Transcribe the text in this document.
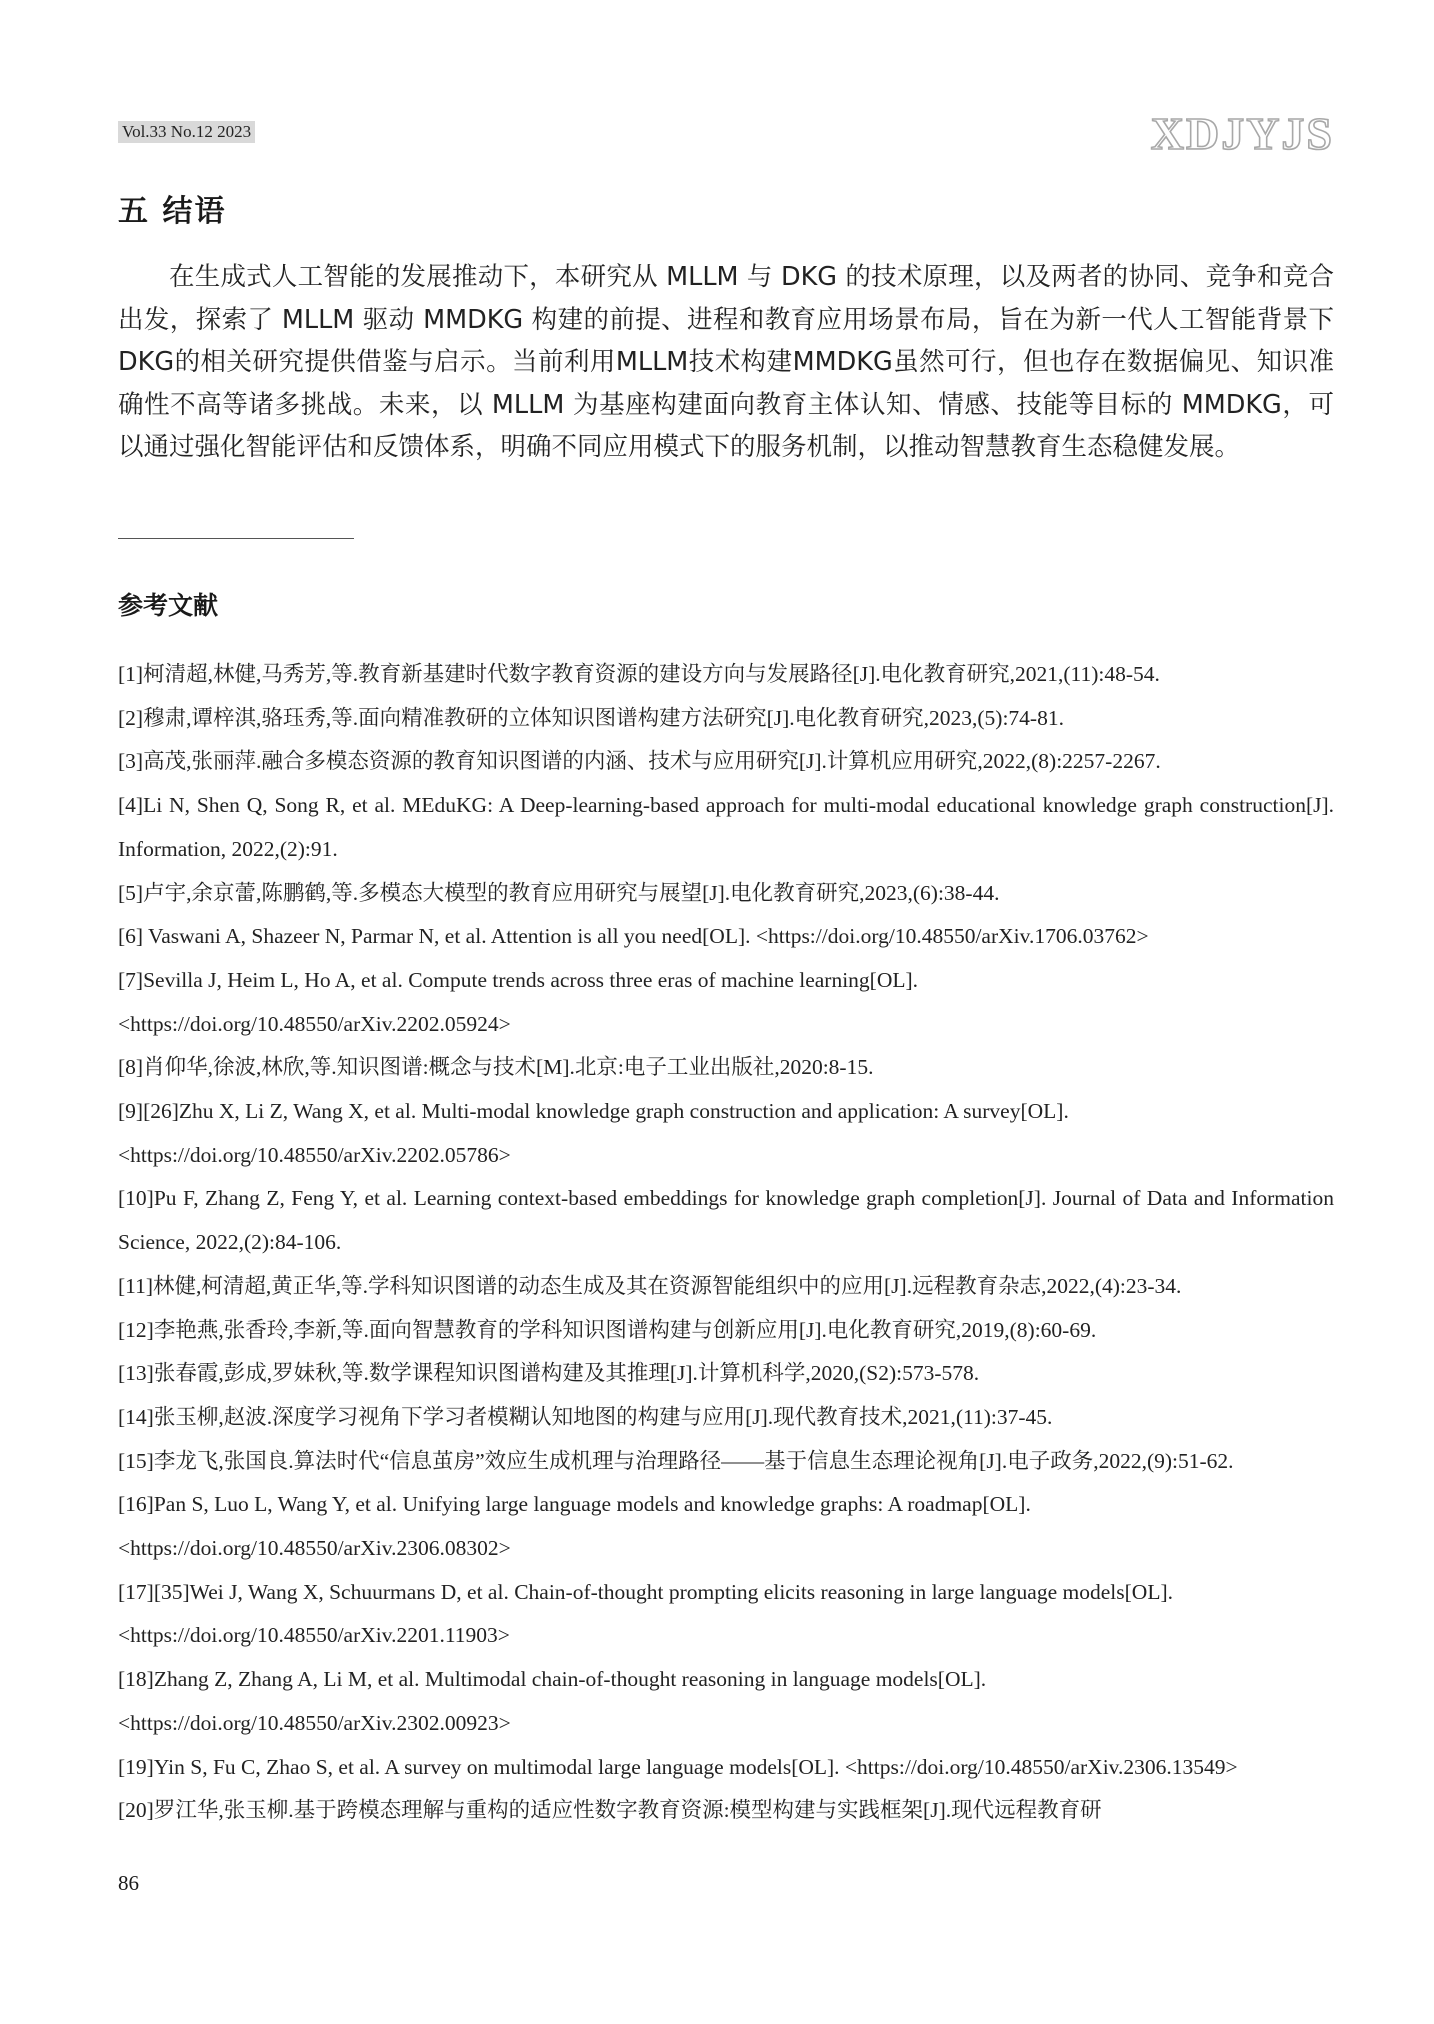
Vol.33 No.12 2023	XDJYJS
五 结语

在生成式人工智能的发展推动下，本研究从 MLLM 与 DKG 的技术原理，以及两者的协同、竞争和竞合出发，探索了 MLLM 驱动 MMDKG 构建的前提、进程和教育应用场景布局，旨在为新一代人工智能背景下DKG的相关研究提供借鉴与启示。当前利用MLLM技术构建MMDKG虽然可行，但也存在数据偏见、知识准确性不高等诸多挑战。未来，以 MLLM 为基座构建面向教育主体认知、情感、技能等目标的 MMDKG，可以通过强化智能评估和反馈体系，明确不同应用模式下的服务机制，以推动智慧教育生态稳健发展。

参考文献
[1]柯清超,林健,马秀芳,等.教育新基建时代数字教育资源的建设方向与发展路径[J].电化教育研究,2021,(11):48-54.
[2]穆肃,谭梓淇,骆珏秀,等.面向精准教研的立体知识图谱构建方法研究[J].电化教育研究,2023,(5):74-81.
[3]高茂,张丽萍.融合多模态资源的教育知识图谱的内涵、技术与应用研究[J].计算机应用研究,2022,(8):2257-2267.
[4]Li N, Shen Q, Song R, et al. MEduKG: A Deep-learning-based approach for multi-modal educational knowledge graph construction[J]. Information, 2022,(2):91.
[5]卢宇,余京蕾,陈鹏鹤,等.多模态大模型的教育应用研究与展望[J].电化教育研究,2023,(6):38-44.
[6] Vaswani A, Shazeer N, Parmar N, et al. Attention is all you need[OL]. <https://doi.org/10.48550/arXiv.1706.03762>
[7]Sevilla J, Heim L, Ho A, et al. Compute trends across three eras of machine learning[OL].
<https://doi.org/10.48550/arXiv.2202.05924>
[8]肖仰华,徐波,林欣,等.知识图谱:概念与技术[M].北京:电子工业出版社,2020:8-15.
[9][26]Zhu X, Li Z, Wang X, et al. Multi-modal knowledge graph construction and application: A survey[OL].
<https://doi.org/10.48550/arXiv.2202.05786>
[10]Pu F, Zhang Z, Feng Y, et al. Learning context-based embeddings for knowledge graph completion[J]. Journal of Data and Information Science, 2022,(2):84-106.
[11]林健,柯清超,黄正华,等.学科知识图谱的动态生成及其在资源智能组织中的应用[J].远程教育杂志,2022,(4):23-34.
[12]李艳燕,张香玲,李新,等.面向智慧教育的学科知识图谱构建与创新应用[J].电化教育研究,2019,(8):60-69.
[13]张春霞,彭成,罗妹秋,等.数学课程知识图谱构建及其推理[J].计算机科学,2020,(S2):573-578.
[14]张玉柳,赵波.深度学习视角下学习者模糊认知地图的构建与应用[J].现代教育技术,2021,(11):37-45.
[15]李龙飞,张国良.算法时代“信息茧房”效应生成机理与治理路径——基于信息生态理论视角[J].电子政务,2022,(9):51-62.
[16]Pan S, Luo L, Wang Y, et al. Unifying large language models and knowledge graphs: A roadmap[OL].
<https://doi.org/10.48550/arXiv.2306.08302>
[17][35]Wei J, Wang X, Schuurmans D, et al. Chain-of-thought prompting elicits reasoning in large language models[OL].
<https://doi.org/10.48550/arXiv.2201.11903>
[18]Zhang Z, Zhang A, Li M, et al. Multimodal chain-of-thought reasoning in language models[OL].
<https://doi.org/10.48550/arXiv.2302.00923>
[19]Yin S, Fu C, Zhao S, et al. A survey on multimodal large language models[OL]. <https://doi.org/10.48550/arXiv.2306.13549>
[20]罗江华,张玉柳.基于跨模态理解与重构的适应性数字教育资源:模型构建与实践框架[J].现代远程教育研
86
